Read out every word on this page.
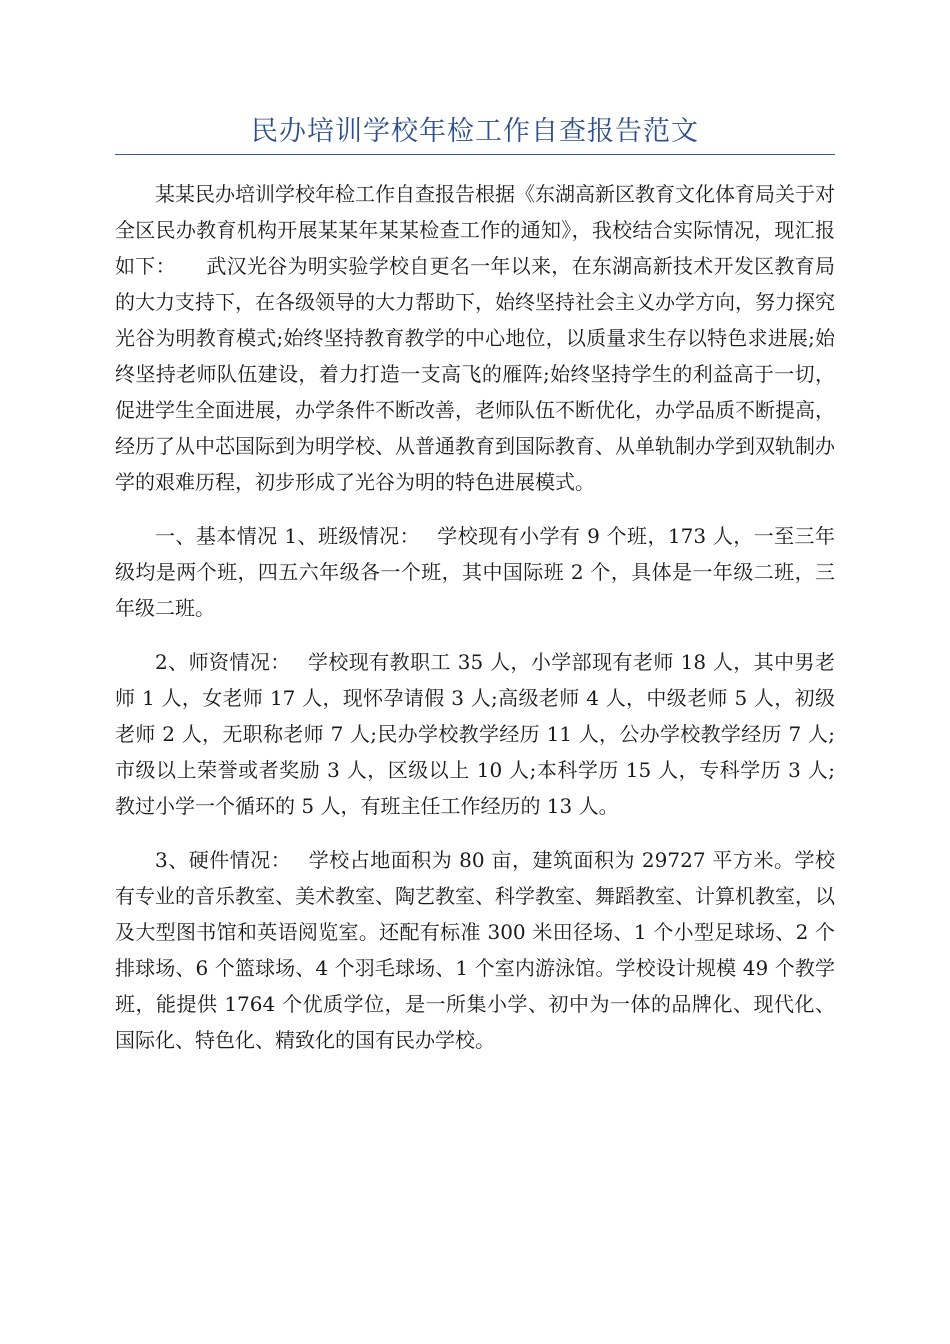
民办培训学校年检工作自查报告范文

某某民办培训学校年检工作自查报告根据《东湖高新区教育文化体育局关于对全区民办教育机构开展某某年某某检查工作的通知》，我校结合实际情况，现汇报如下：　　武汉光谷为明实验学校自更名一年以来，在东湖高新技术开发区教育局的大力支持下，在各级领导的大力帮助下，始终坚持社会主义办学方向，努力探究光谷为明教育模式;始终坚持教育教学的中心地位，以质量求生存以特色求进展;始终坚持老师队伍建设，着力打造一支高飞的雁阵;始终坚持学生的利益高于一切，促进学生全面进展，办学条件不断改善，老师队伍不断优化，办学品质不断提高，经历了从中芯国际到为明学校、从普通教育到国际教育、从单轨制办学到双轨制办学的艰难历程，初步形成了光谷为明的特色进展模式。

一、基本情况 1、班级情况：　 学校现有小学有 9 个班，173 人，一至三年级均是两个班，四五六年级各一个班，其中国际班 2 个，具体是一年级二班，三年级二班。

2、师资情况：　 学校现有教职工 35 人，小学部现有老师 18 人，其中男老师 1 人，女老师 17 人，现怀孕请假 3 人;高级老师 4 人，中级老师 5 人，初级老师 2 人，无职称老师 7 人;民办学校教学经历 11 人，公办学校教学经历 7 人;市级以上荣誉或者奖励 3 人，区级以上 10 人;本科学历 15 人，专科学历 3 人;教过小学一个循环的 5 人，有班主任工作经历的 13 人。

3、硬件情况：　 学校占地面积为 80 亩，建筑面积为 29727 平方米。学校有专业的音乐教室、美术教室、陶艺教室、科学教室、舞蹈教室、计算机教室，以及大型图书馆和英语阅览室。还配有标准 300 米田径场、1 个小型足球场、2 个排球场、6 个篮球场、4 个羽毛球场、1 个室内游泳馆。学校设计规模 49 个教学班，能提供 1764 个优质学位，是一所集小学、初中为一体的品牌化、现代化、国际化、特色化、精致化的国有民办学校。
